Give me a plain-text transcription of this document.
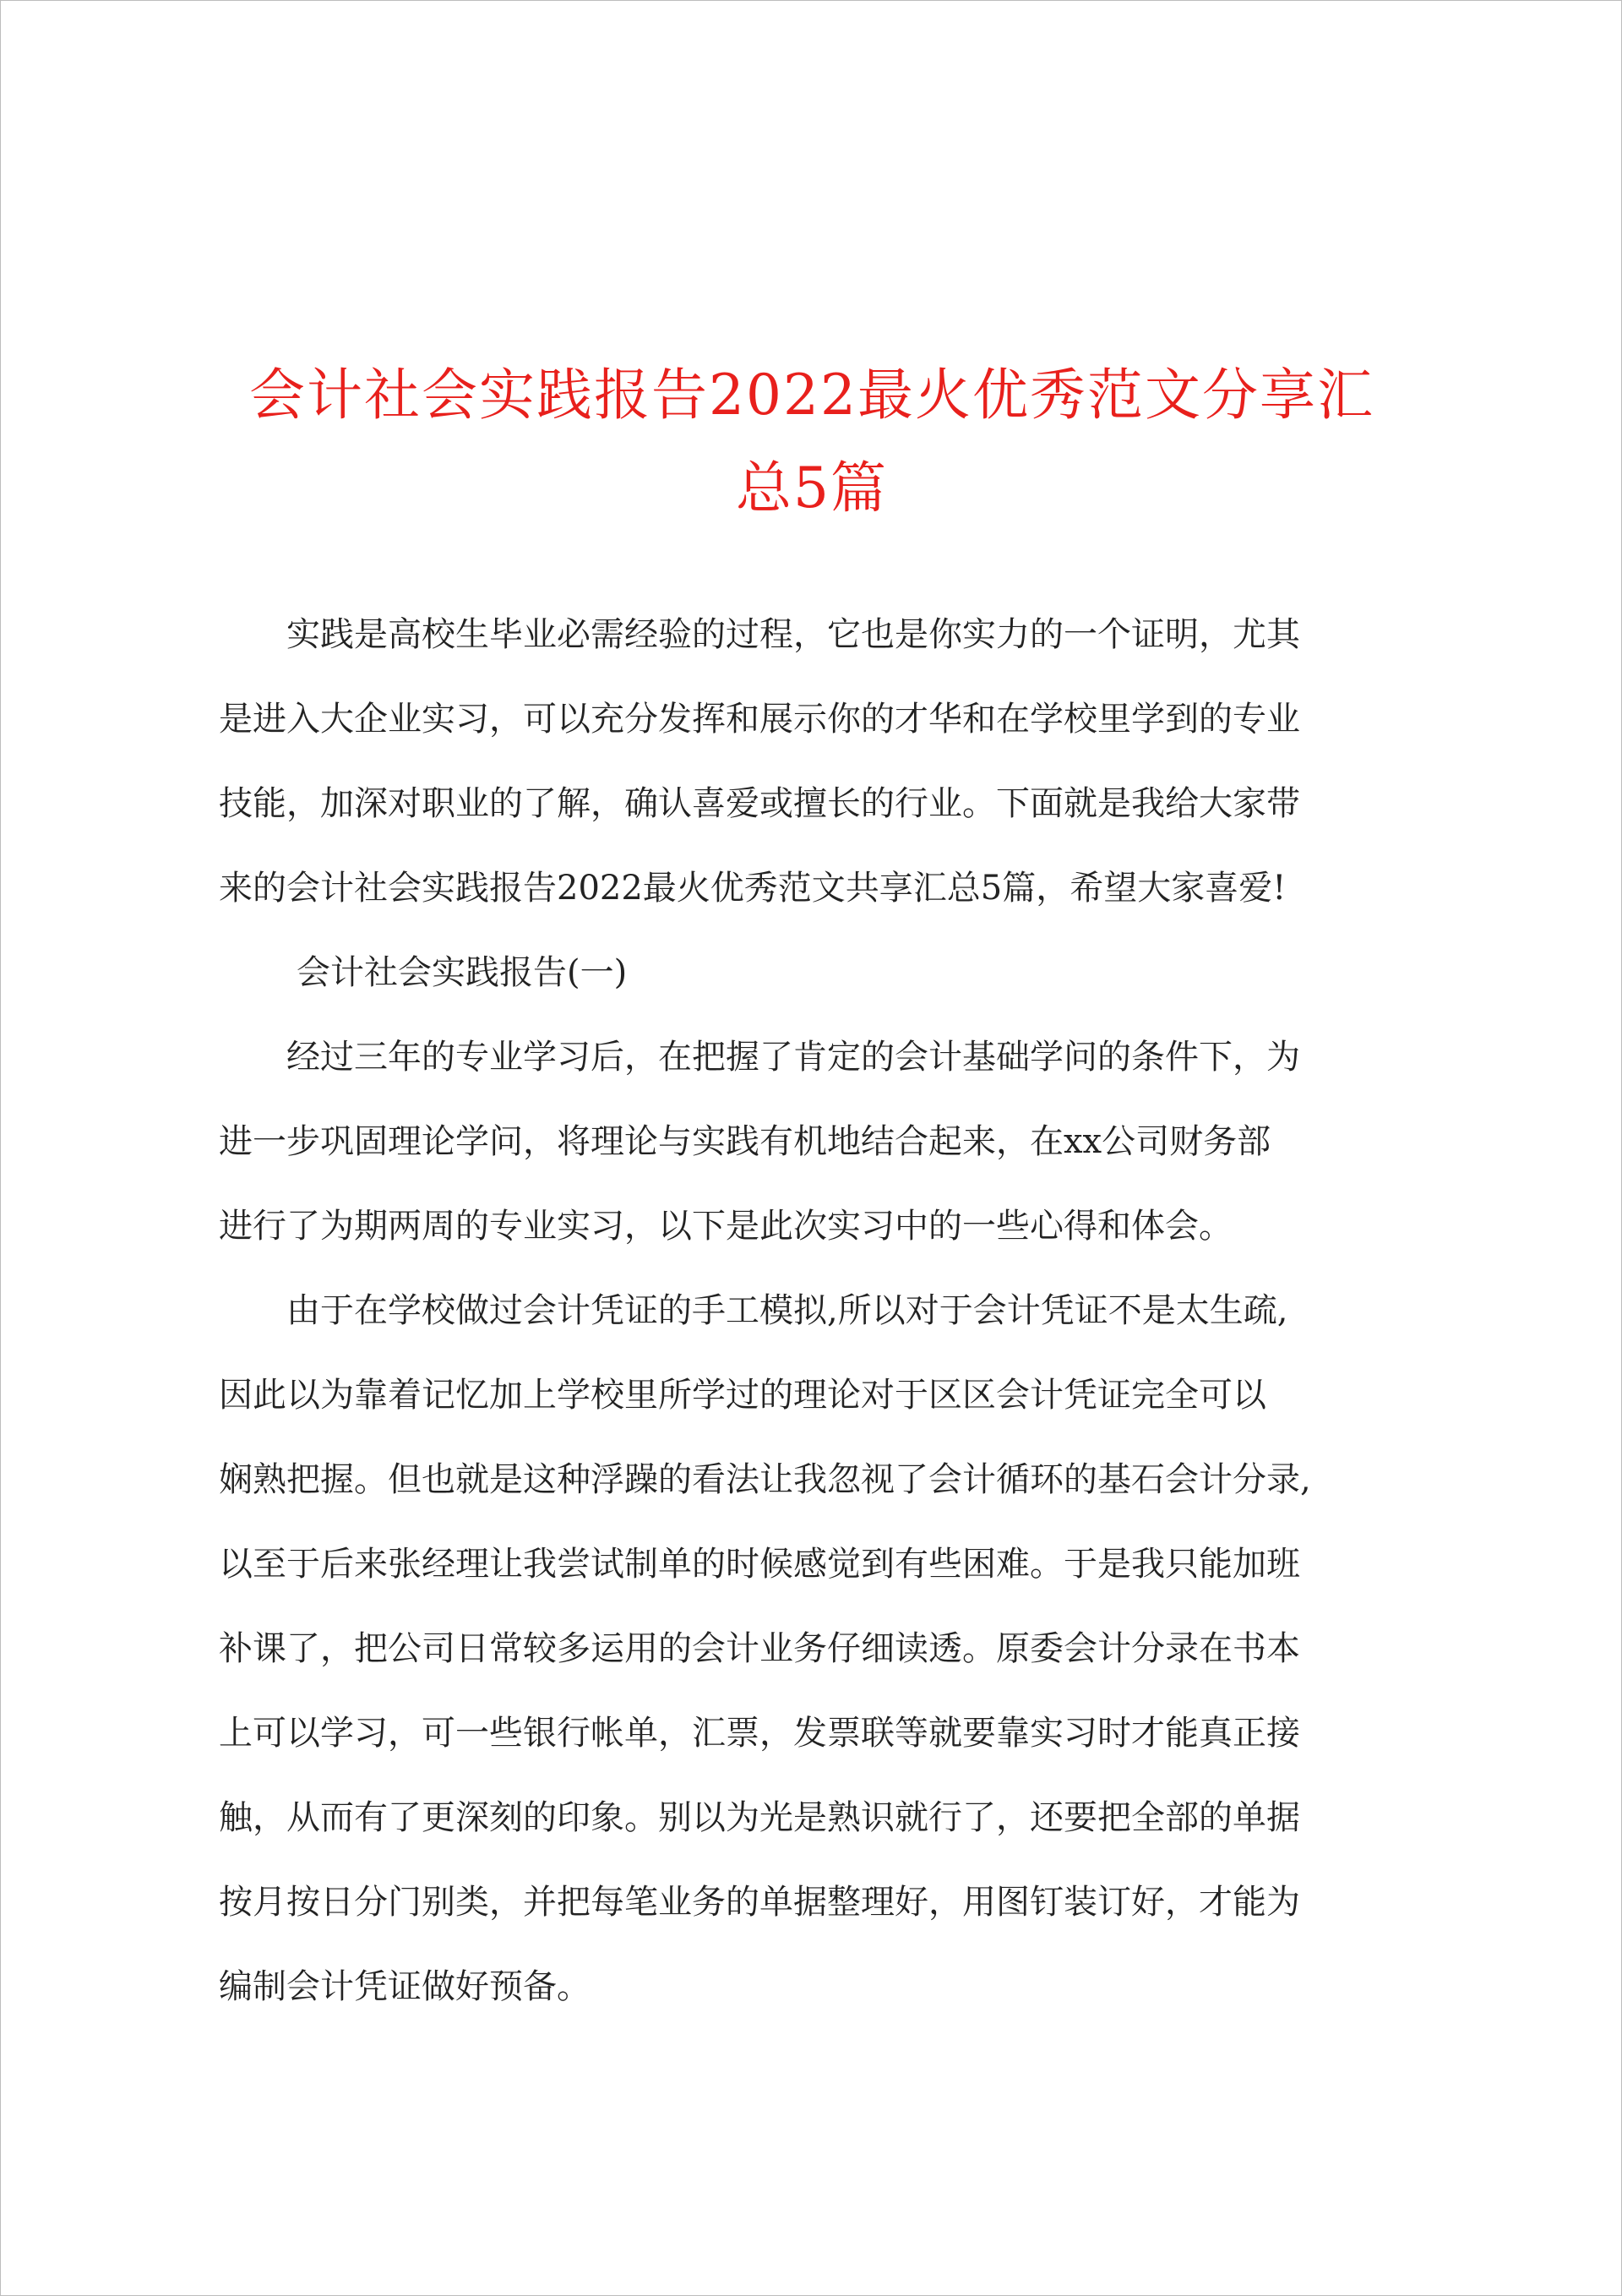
会计社会实践报告2022最火优秀范文分享汇
总5篇

实践是高校生毕业必需经验的过程，它也是你实力的一个证明，尤其
是进入大企业实习，可以充分发挥和展示你的才华和在学校里学到的专业
技能，加深对职业的了解，确认喜爱或擅长的行业。下面就是我给大家带
来的会计社会实践报告2022最火优秀范文共享汇总5篇，希望大家喜爱!

会计社会实践报告(一)

经过三年的专业学习后，在把握了肯定的会计基础学问的条件下，为
进一步巩固理论学问，将理论与实践有机地结合起来，在xx公司财务部
进行了为期两周的专业实习，以下是此次实习中的一些心得和体会。

由于在学校做过会计凭证的手工模拟,所以对于会计凭证不是太生疏,
因此以为靠着记忆加上学校里所学过的理论对于区区会计凭证完全可以
娴熟把握。但也就是这种浮躁的看法让我忽视了会计循环的基石会计分录,
以至于后来张经理让我尝试制单的时候感觉到有些困难。于是我只能加班
补课了，把公司日常较多运用的会计业务仔细读透。原委会计分录在书本
上可以学习，可一些银行帐单，汇票，发票联等就要靠实习时才能真正接
触，从而有了更深刻的印象。别以为光是熟识就行了，还要把全部的单据
按月按日分门别类，并把每笔业务的单据整理好，用图钉装订好，才能为
编制会计凭证做好预备。
